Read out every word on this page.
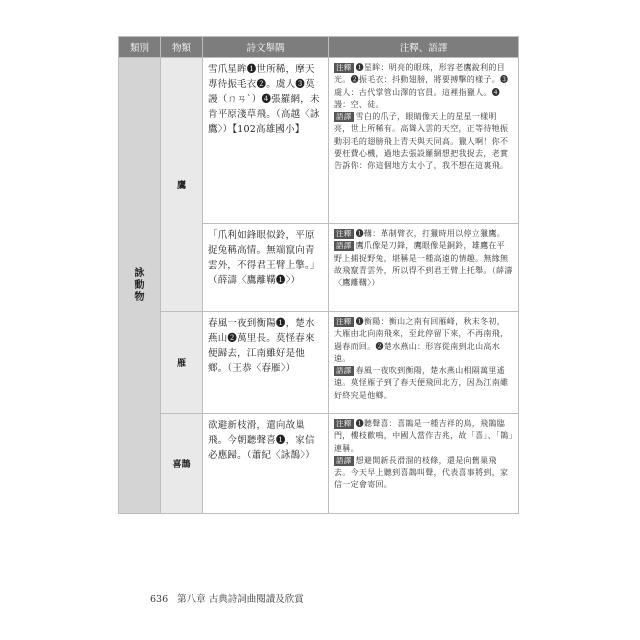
類別	物類	詩文舉隅	注釋、語譯
詠動物	鷹	雪爪星眸❶世所稀，摩天專待振毛衣❷。虞人❸莫謾（ㄇㄢˋ）❹張羅網，未肯平原淺草飛。（高越〈詠鷹〉）【102高雄國小】	注釋 ❶星眸：明亮的眼珠，形容老鷹銳利的目光。❷振毛衣：抖動翅膀，將要搏擊的樣子。❸虞人：古代掌管山澤的官員。這裡指獵人。❹謾：空、徒。
語譯 雪白的爪子，眼睛像天上的星星一樣明亮，世上所稀有。高聳入雲的天空，正等待牠振動羽毛的翅膀飛上青天與天同高。獵人啊！你不要枉費心機，過地去張設羅網想把我捉去，老實告訴你：你這個地方太小了，我不想在這裏飛。
		「爪利如鋒眼似鈴，平原捉兔稱高情。無端竄向青雲外，不得君王臂上擎。」（薛濤〈鷹離鞲❶〉）	注釋 ❶鞲：革制臂衣，打獵時用以停立獵鷹。
語譯 鷹爪像是刀鋒，鷹眼像是銅鈴，雄鷹在平野上捕捉野兔，堪稱是一種高遠的情趣。無緣無故飛竄青雲外，所以得不到君王臂上托舉。（薛濤〈鷹離鞲〉）
	雁	春風一夜到衡陽❶，楚水燕山❷萬里長。莫怪春來便歸去，江南雖好是他鄉。（王恭〈春雁〉）	注釋 ❶衡陽：衡山之南有回雁峰，秋末冬初，大雁由北向南飛來，至此停留下來，不再南飛，過春而回。❷楚水燕山：形容從南到北山高水遠。
語譯 春風一夜吹到衡陽，楚水燕山相隔萬里遙遠。莫怪雁子到了春天便飛回北方，因為江南雖好終究是他鄉。
	喜鵲	欲避新枝滑，還向故巢飛。今朝聽聲喜❶，家信必應歸。（蕭紀〈詠鵲〉）	注釋 ❶聽聲喜：喜鵲是一種吉祥的鳥，飛鵲臨門，樓枝歡鳴，中國人當作吉兆，故「喜」、「鵲」連稱。
語譯 想避開新長滑溜的枝條，還是向舊巢飛去。今天早上聽到喜鵲叫聲，代表喜事將到，家信一定會寄回。
636 第八章 古典詩詞曲閱讀及欣賞
